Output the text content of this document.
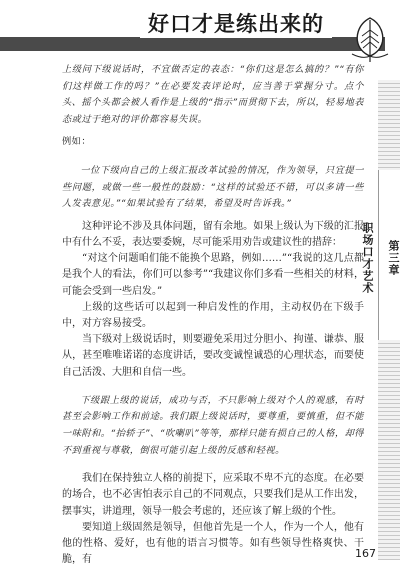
好口才是练出来的
第三章

职场口才艺术

上级问下级说话时，不宜做否定的表态：“你们这是怎么搞的？”“有你们这样做工作的吗？”在必要发表评论时，应当善于掌握分寸。点个头、摇个头都会被人看作是上级的“指示”而贯彻下去，所以，轻易地表态或过于绝对的评价都容易失误。

例如：

一位下级向自己的上级汇报改革试验的情况，作为领导，只宜提一些问题，或做一些一般性的鼓励：“这样的试验还不错，可以多请一些人发表意见。”“如果试验有了结果，希望及时告诉我。”

这种评论不涉及具体问题，留有余地。如果上级认为下级的汇报中有什么不妥，表达要委婉，尽可能采用劝告或建议性的措辞：

“对这个问题咱们能不能换个思路，例如……”“我说的这几点都是我个人的看法，你们可以参考”“我建议你们多看一些相关的材料，可能会受到一些启发。”

上级的这些话可以起到一种启发性的作用，主动权仍在下级手中，对方容易接受。

当下级对上级说话时，则要避免采用过分胆小、拘谨、谦恭、服从，甚至唯唯诺诺的态度讲话，要改变诚惶诚恐的心理状态，而要使自己活泼、大胆和自信一些。

下级跟上级的说话，成功与否，不只影响上级对个人的观感，有时甚至会影响工作和前途。我们跟上级说话时，要尊重，要慎重，但不能一味附和。“抬轿子”、“吹喇叭”等等，那样只能有损自己的人格，却得不到重视与尊敬，倒很可能引起上级的反感和轻视。

我们在保持独立人格的前提下，应采取不卑不亢的态度。在必要的场合，也不必害怕表示自己的不同观点，只要我们是从工作出发，摆事实，讲道理，领导一般会考虑的，还应该了解上级的个性。

要知道上级固然是领导，但他首先是一个人，作为一个人，他有他的性格、爱好，也有他的语言习惯等。如有些领导性格爽快、干脆，有	167
